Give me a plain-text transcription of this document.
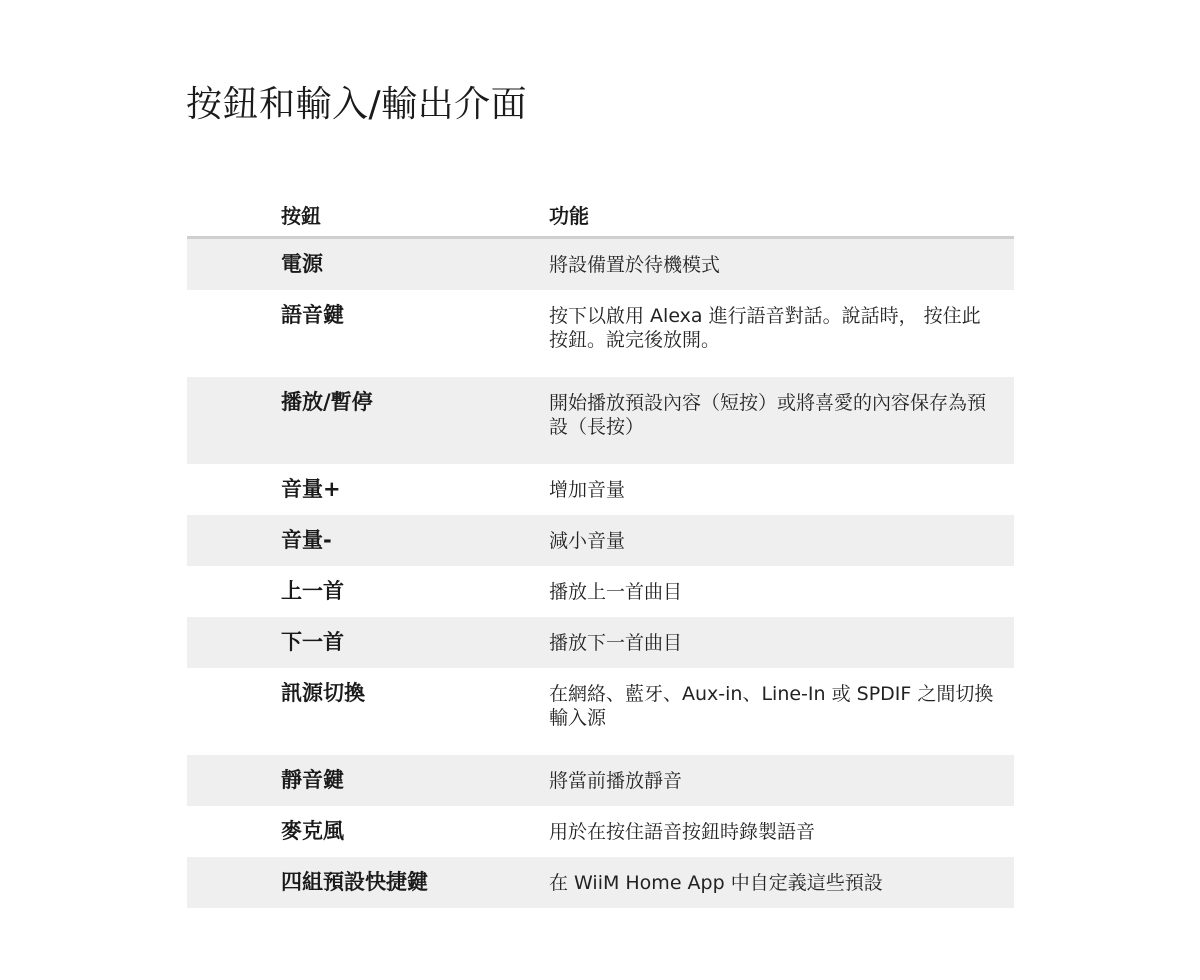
按鈕和輸入/輸出介面
按鈕	功能
電源	將設備置於待機模式
語音鍵	按下以啟用 Alexa 進行語音對話。說話時， 按住此按鈕。說完後放開。
播放/暫停	開始播放預設內容（短按）或將喜愛的內容保存為預設（長按）
音量+	增加音量
音量-	減小音量
上一首	播放上一首曲目
下一首	播放下一首曲目
訊源切換	在網絡、藍牙、Aux-in、Line-In 或 SPDIF 之間切換輸入源
靜音鍵	將當前播放靜音
麥克風	用於在按住語音按鈕時錄製語音
四組預設快捷鍵	在 WiiM Home App 中自定義這些預設
